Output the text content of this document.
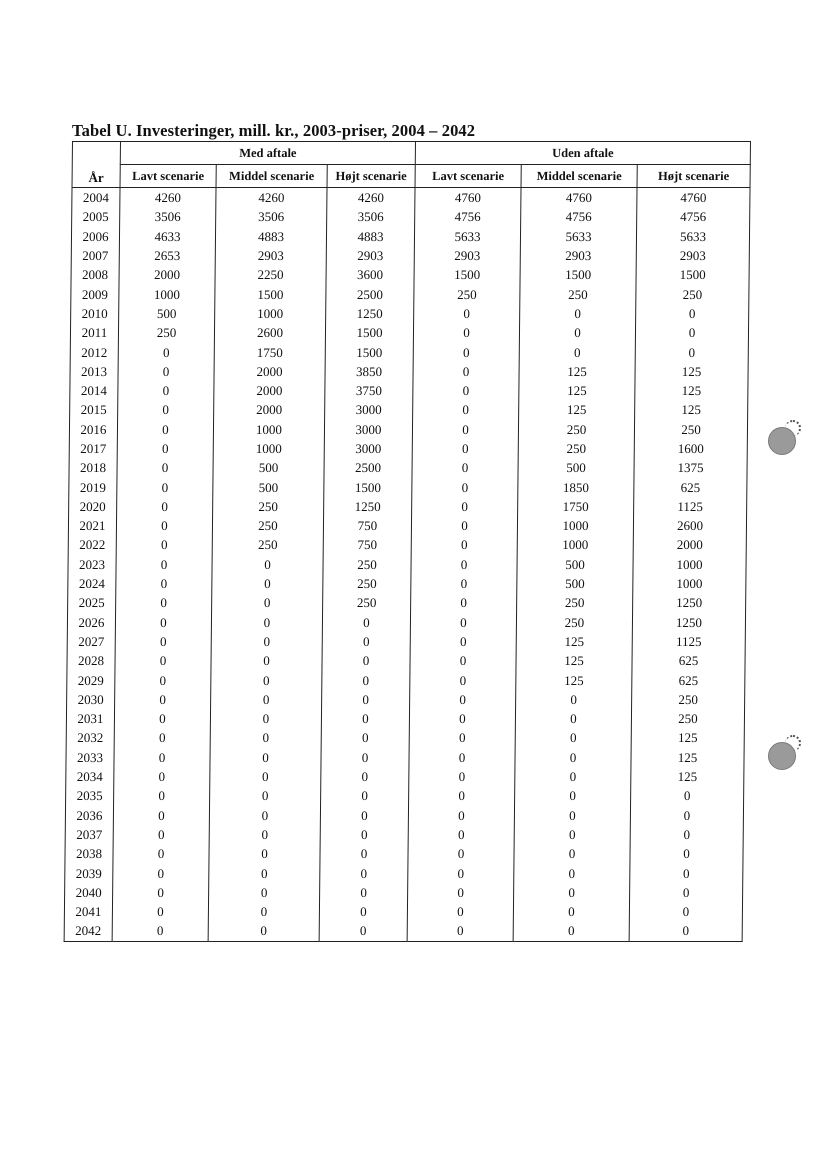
Tabel U. Investeringer, mill. kr., 2003-priser, 2004 – 2042
År	Med aftale			Uden aftale		
	Lavt scenarie	Middel scenarie	Højt scenarie	Lavt scenarie	Middel scenarie	Højt scenarie
2004	4260	4260	4260	4760	4760	4760
2005	3506	3506	3506	4756	4756	4756
2006	4633	4883	4883	5633	5633	5633
2007	2653	2903	2903	2903	2903	2903
2008	2000	2250	3600	1500	1500	1500
2009	1000	1500	2500	250	250	250
2010	500	1000	1250	0	0	0
2011	250	2600	1500	0	0	0
2012	0	1750	1500	0	0	0
2013	0	2000	3850	0	125	125
2014	0	2000	3750	0	125	125
2015	0	2000	3000	0	125	125
2016	0	1000	3000	0	250	250
2017	0	1000	3000	0	250	1600
2018	0	500	2500	0	500	1375
2019	0	500	1500	0	1850	625
2020	0	250	1250	0	1750	1125
2021	0	250	750	0	1000	2600
2022	0	250	750	0	1000	2000
2023	0	0	250	0	500	1000
2024	0	0	250	0	500	1000
2025	0	0	250	0	250	1250
2026	0	0	0	0	250	1250
2027	0	0	0	0	125	1125
2028	0	0	0	0	125	625
2029	0	0	0	0	125	625
2030	0	0	0	0	0	250
2031	0	0	0	0	0	250
2032	0	0	0	0	0	125
2033	0	0	0	0	0	125
2034	0	0	0	0	0	125
2035	0	0	0	0	0	0
2036	0	0	0	0	0	0
2037	0	0	0	0	0	0
2038	0	0	0	0	0	0
2039	0	0	0	0	0	0
2040	0	0	0	0	0	0
2041	0	0	0	0	0	0
2042	0	0	0	0	0	0
